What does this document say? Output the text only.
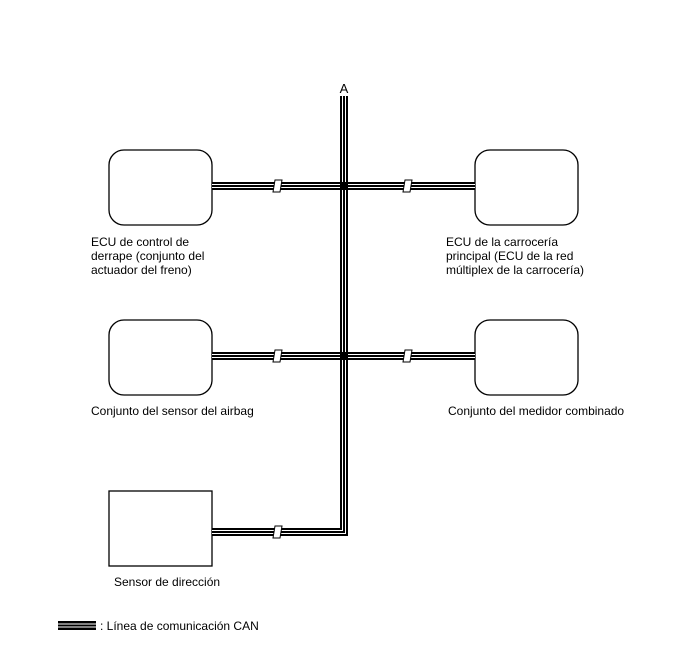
A

ECU de control de
derrape (conjunto del
actuador del freno)

ECU de la carrocería
principal (ECU de la red
múltiplex de la carrocería)

Conjunto del sensor del airbag	Conjunto del medidor combinado

Sensor de dirección

: Línea de comunicación CAN
